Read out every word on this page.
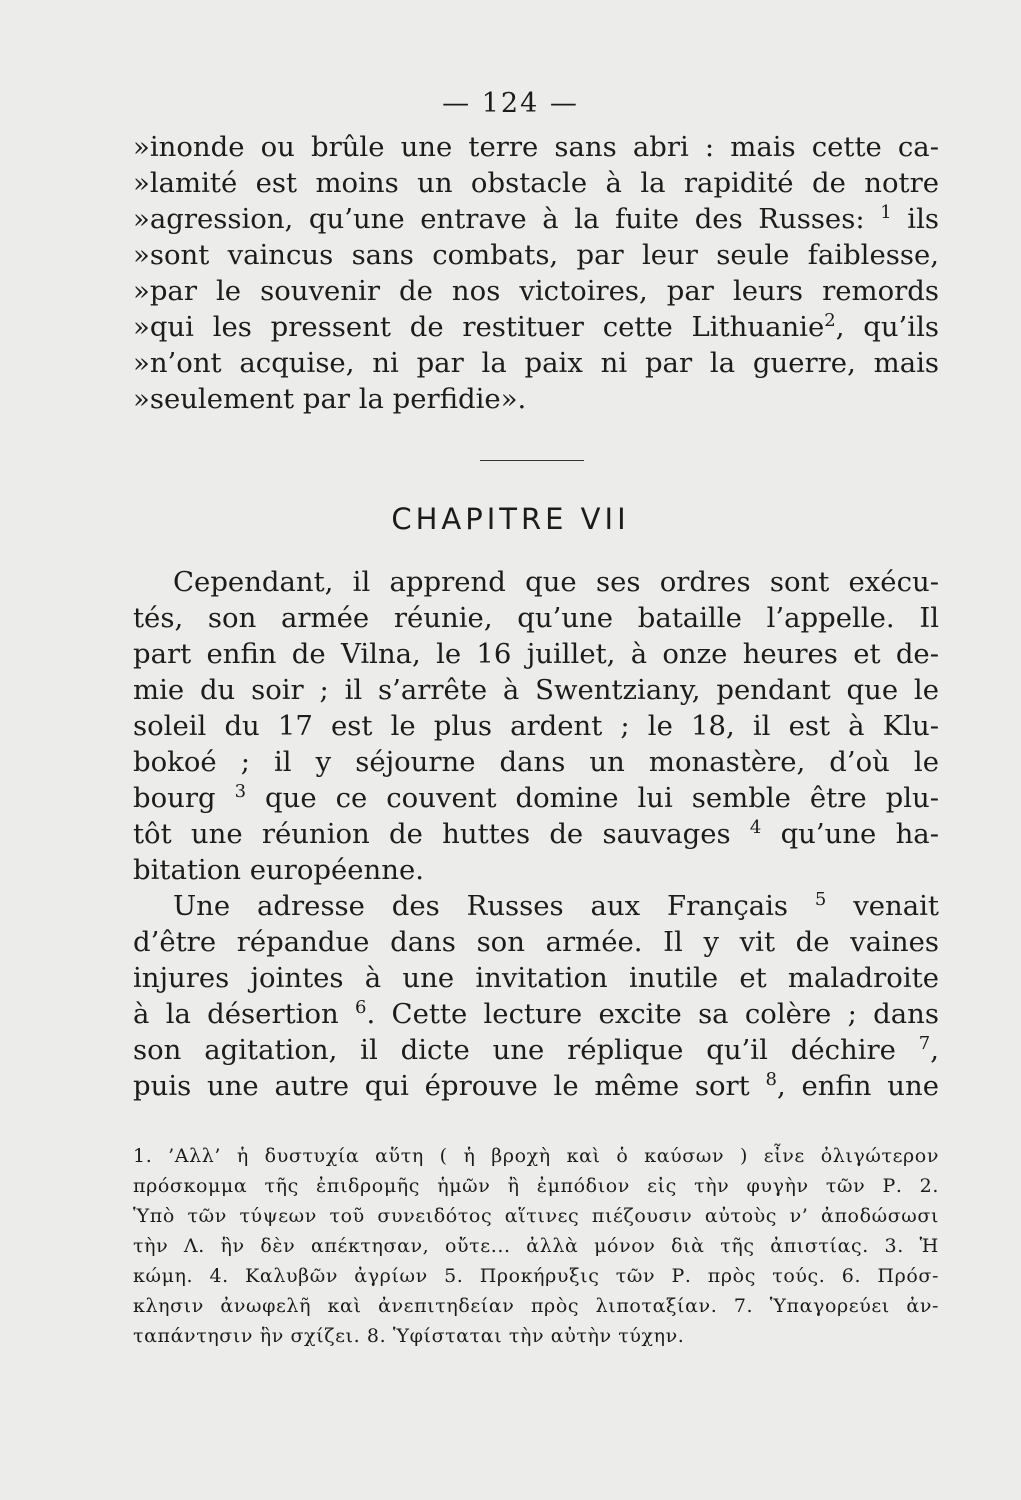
— 124 —
»inonde ou brûle une terre sans abri : mais cette ca-
»lamité est moins un obstacle à la rapidité de notre
»agression, qu’une entrave à la fuite des Russes: $^1$ ils
»sont vaincus sans combats, par leur seule faiblesse,
»par le souvenir de nos victoires, par leurs remords
»qui les pressent de restituer cette Lithuanie$^2$, qu’ils
»n’ont acquise, ni par la paix ni par la guerre, mais
»seulement par la perfidie».
CHAPITRE VII
Cependant, il apprend que ses ordres sont exécu-
tés, son armée réunie, qu’une bataille l’appelle. Il
part enfin de Vilna, le 16 juillet, à onze heures et de-
mie du soir ; il s’arrête à Swentziany, pendant que le
soleil du 17 est le plus ardent ; le 18, il est à Klu-
bokoé ; il y séjourne dans un monastère, d’où le
bourg $^3$ que ce couvent domine lui semble être plu-
tôt une réunion de huttes de sauvages $^4$ qu’une ha-
bitation européenne.
Une adresse des Russes aux Français $^5$ venait
d’être répandue dans son armée. Il y vit de vaines
injures jointes à une invitation inutile et maladroite
à la désertion $^6$. Cette lecture excite sa colère ; dans
son agitation, il dicte une réplique qu’il déchire $^7$,
puis une autre qui éprouve le même sort $^8$, enfin une
1. ’Αλλ’ ἡ δυστυχία αὕτη ( ἡ βροχὴ καὶ ὁ καύσων ) εἶνε ὀλιγώτερον
πρόσκομμα τῆς ἐπιδρομῆς ἡμῶν ἢ ἐμπόδιον εἰς τὴν φυγὴν τῶν Ρ. 2.
Ὑπὸ τῶν τύψεων τοῦ συνειδότος αἵτινες πιέζουσιν αὐτοὺς ν’ ἀποδώσωσι
τὴν Λ. ἣν δὲν απέκτησαν, οὔτε... ἀλλὰ μόνον διὰ τῆς ἀπιστίας. 3. Ἡ
κώμη. 4. Καλυβῶν ἀγρίων 5. Προκήρυξις τῶν Ρ. πρὸς τούς. 6. Πρόσ-
κλησιν ἀνωφελῆ καὶ ἀνεπιτηδείαν πρὸς λιποταξίαν. 7. Ὑπαγορεύει ἀν-
ταπάντησιν ἣν σχίζει. 8. Ὑφίσταται τὴν αὐτὴν τύχην.
